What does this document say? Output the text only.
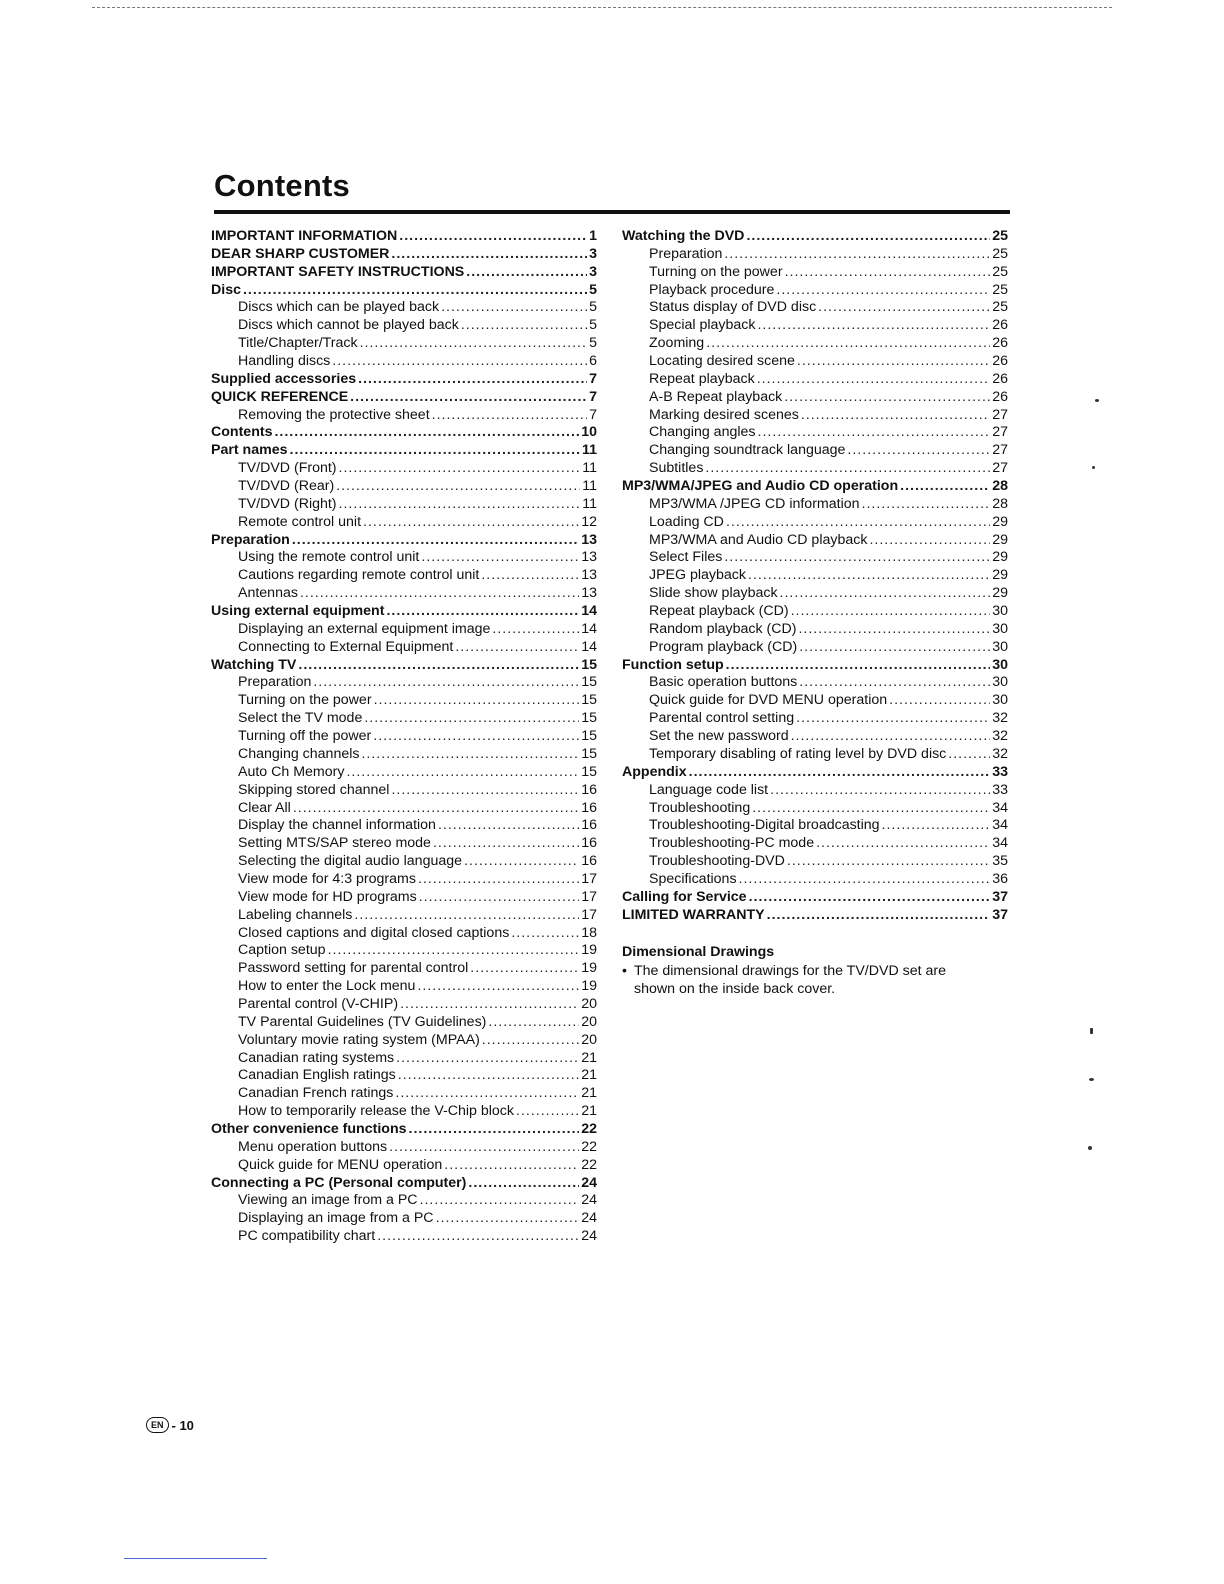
Contents
IMPORTANT INFORMATION .....	1
DEAR SHARP CUSTOMER .....	3
IMPORTANT SAFETY INSTRUCTIONS .....	3
Disc .....	5
Discs which can be played back .....	5
Discs which cannot be played back .....	5
Title/Chapter/Track .....	5
Handling discs .....	6
Supplied accessories .....	7
QUICK REFERENCE .....	7
Removing the protective sheet .....	7
Contents .....	10
Part names .....	11
TV/DVD (Front) .....	11
TV/DVD (Rear) .....	11
TV/DVD (Right) .....	11
Remote control unit .....	12
Preparation .....	13
Using the remote control unit .....	13
Cautions regarding remote control unit .....	13
Antennas .....	13
Using external equipment .....	14
Displaying an external equipment image .....	14
Connecting to External Equipment .....	14
Watching TV .....	15
Preparation .....	15
Turning on the power .....	15
Select the TV mode .....	15
Turning off the power .....	15
Changing channels .....	15
Auto Ch Memory .....	15
Skipping stored channel .....	16
Clear All .....	16
Display the channel information .....	16
Setting MTS/SAP stereo mode .....	16
Selecting the digital audio language .....	16
View mode for 4:3 programs .....	17
View mode for HD programs .....	17
Labeling channels .....	17
Closed captions and digital closed captions .....	18
Caption setup .....	19
Password setting for parental control .....	19
How to enter the Lock menu .....	19
Parental control (V-CHIP) .....	20
TV Parental Guidelines (TV Guidelines) .....	20
Voluntary movie rating system (MPAA) .....	20
Canadian rating systems .....	21
Canadian English ratings .....	21
Canadian French ratings .....	21
How to temporarily release the V-Chip block .....	21
Other convenience functions .....	22
Menu operation buttons .....	22
Quick guide for MENU operation .....	22
Connecting a PC (Personal computer) .....	24
Viewing an image from a PC .....	24
Displaying an image from a PC .....	24
PC compatibility chart .....	24
Watching the DVD .....	25
Preparation .....	25
Turning on the power .....	25
Playback procedure .....	25
Status display of DVD disc .....	25
Special playback .....	26
Zooming .....	26
Locating desired scene .....	26
Repeat playback .....	26
A-B Repeat playback .....	26
Marking desired scenes .....	27
Changing angles .....	27
Changing soundtrack language .....	27
Subtitles .....	27
MP3/WMA/JPEG and Audio CD operation .....	28
MP3/WMA /JPEG CD information .....	28
Loading CD .....	29
MP3/WMA and Audio CD playback .....	29
Select Files .....	29
JPEG playback .....	29
Slide show playback .....	29
Repeat playback (CD) .....	30
Random playback (CD) .....	30
Program playback (CD) .....	30
Function setup .....	30
Basic operation buttons .....	30
Quick guide for DVD MENU operation .....	30
Parental control setting .....	32
Set the new password .....	32
Temporary disabling of rating level by DVD disc .....	32
Appendix .....	33
Language code list .....	33
Troubleshooting .....	34
Troubleshooting-Digital broadcasting .....	34
Troubleshooting-PC mode .....	34
Troubleshooting-DVD .....	35
Specifications .....	36
Calling for Service .....	37
LIMITED WARRANTY .....	37
Dimensional Drawings
• The dimensional drawings for the TV/DVD set are
shown on the inside back cover.
EN - 10
